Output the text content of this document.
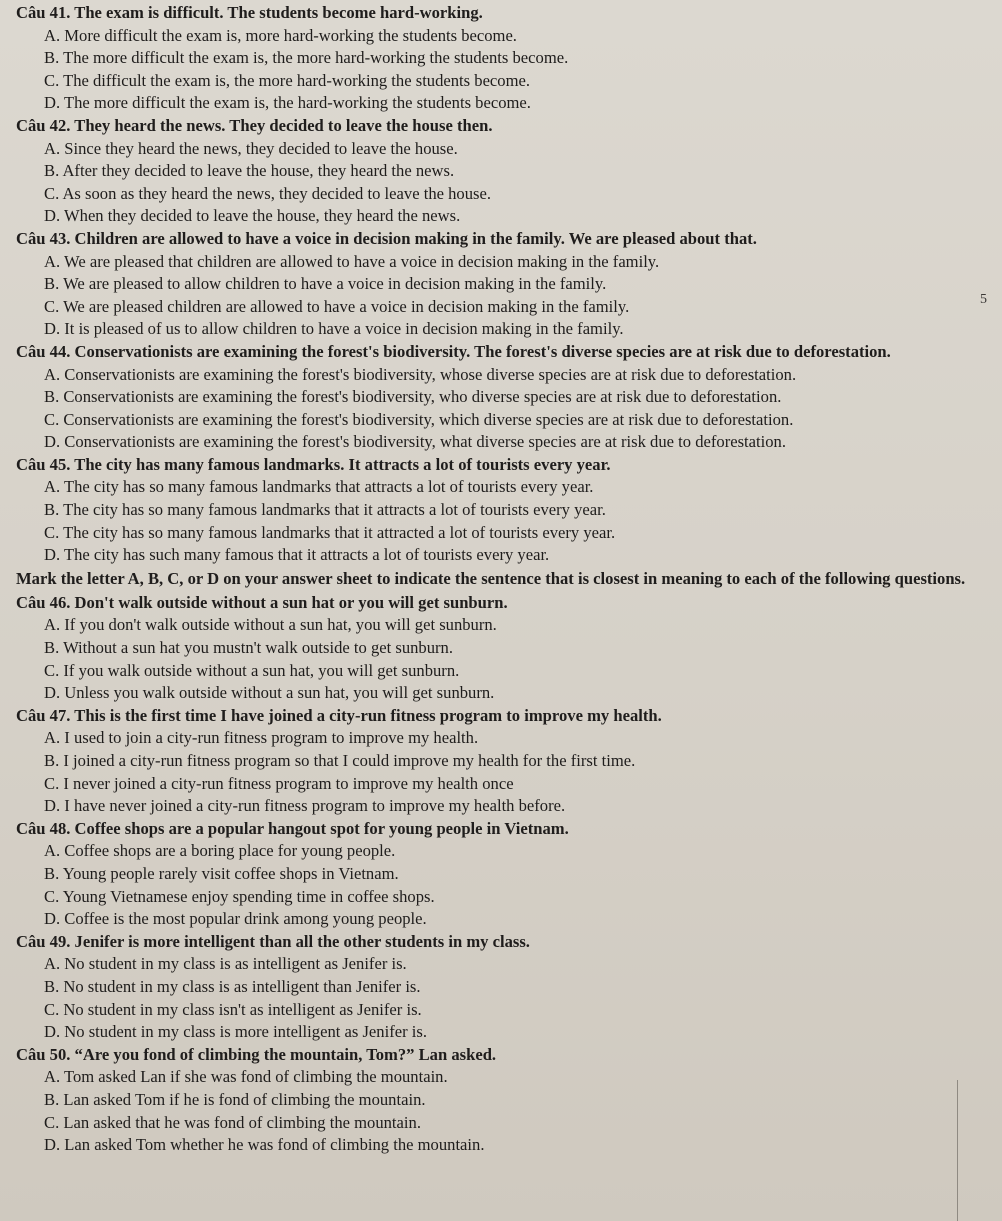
5

Câu 41. The exam is difficult. The students become hard-working.

A. More difficult the exam is, more hard-working the students become.
B. The more difficult the exam is, the more hard-working the students become.
C. The difficult the exam is, the more hard-working the students become.
D. The more difficult the exam is, the hard-working the students become.

Câu 42. They heard the news. They decided to leave the house then.

A. Since they heard the news, they decided to leave the house.
B. After they decided to leave the house, they heard the news.
C. As soon as they heard the news, they decided to leave the house.
D. When they decided to leave the house, they heard the news.

Câu 43. Children are allowed to have a voice in decision making in the family. We are pleased about that.

A. We are pleased that children are allowed to have a voice in decision making in the family.
B. We are pleased to allow children to have a voice in decision making in the family.
C. We are pleased children are allowed to have a voice in decision making in the family.
D. It is pleased of us to allow children to have a voice in decision making in the family.

Câu 44. Conservationists are examining the forest's biodiversity. The forest's diverse species are at risk due to deforestation.

A. Conservationists are examining the forest's biodiversity, whose diverse species are at risk due to deforestation.
B. Conservationists are examining the forest's biodiversity, who diverse species are at risk due to deforestation.
C. Conservationists are examining the forest's biodiversity, which diverse species are at risk due to deforestation.
D. Conservationists are examining the forest's biodiversity, what diverse species are at risk due to deforestation.

Câu 45. The city has many famous landmarks. It attracts a lot of tourists every year.

A. The city has so many famous landmarks that attracts a lot of tourists every year.
B. The city has so many famous landmarks that it attracts a lot of tourists every year.
C. The city has so many famous landmarks that it attracted a lot of tourists every year.
D. The city has such many famous that it attracts a lot of tourists every year.

Mark the letter A, B, C, or D on your answer sheet to indicate the sentence that is closest in meaning to each of the following questions.

Câu 46. Don't walk outside without a sun hat or you will get sunburn.

A. If you don't walk outside without a sun hat, you will get sunburn.
B. Without a sun hat you mustn't walk outside to get sunburn.
C. If you walk outside without a sun hat, you will get sunburn.
D. Unless you walk outside without a sun hat, you will get sunburn.

Câu 47. This is the first time I have joined a city-run fitness program to improve my health.

A. I used to join a city-run fitness program to improve my health.
B. I joined a city-run fitness program so that I could improve my health for the first time.
C. I never joined a city-run fitness program to improve my health once
D. I have never joined a city-run fitness program to improve my health before.

Câu 48. Coffee shops are a popular hangout spot for young people in Vietnam.

A. Coffee shops are a boring place for young people.
B. Young people rarely visit coffee shops in Vietnam.
C. Young Vietnamese enjoy spending time in coffee shops.
D. Coffee is the most popular drink among young people.

Câu 49. Jenifer is more intelligent than all the other students in my class.

A. No student in my class is as intelligent as Jenifer is.
B. No student in my class is as intelligent than Jenifer is.
C. No student in my class isn't as intelligent as Jenifer is.
D. No student in my class is more intelligent as Jenifer is.

Câu 50. “Are you fond of climbing the mountain, Tom?” Lan asked.

A. Tom asked Lan if she was fond of climbing the mountain.
B. Lan asked Tom if he is fond of climbing the mountain.
C. Lan asked that he was fond of climbing the mountain.
D. Lan asked Tom whether he was fond of climbing the mountain.
